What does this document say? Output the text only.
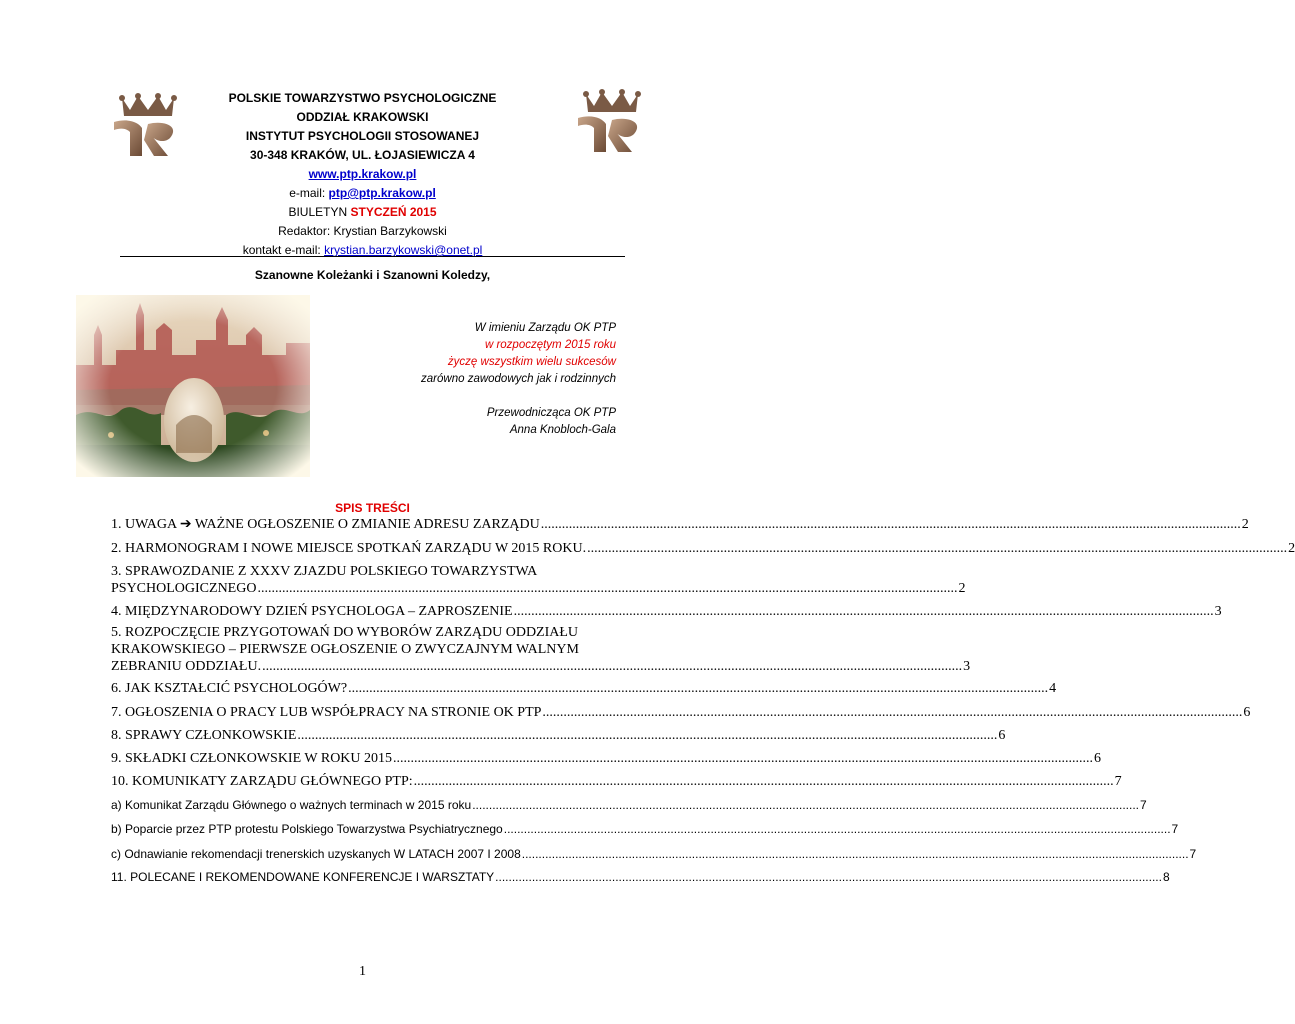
POLSKIE TOWARZYSTWO PSYCHOLOGICZNE
ODDZIAŁ KRAKOWSKI
INSTYTUT PSYCHOLOGII STOSOWANEJ
30-348 KRAKÓW, UL. ŁOJASIEWICZA 4
www.ptp.krakow.pl
e-mail: ptp@ptp.krakow.pl
BIULETYN STYCZEŃ 2015
Redaktor: Krystian Barzykowski
kontakt e-mail: krystian.barzykowski@onet.pl
Szanowne Koleżanki i Szanowni Koledzy,
W imieniu Zarządu OK PTP
w rozpoczętym 2015 roku
życzę wszystkim wielu sukcesów
zarówno zawodowych jak i rodzinnych
Przewodnicząca OK PTP
Anna Knobloch-Gala
SPIS TREŚCI
1. UWAGA ➔ WAŻNE OGŁOSZENIE O ZMIANIE ADRESU ZARZĄDU ........................................................................................................................................................................................................ 2
2. HARMONOGRAM I NOWE MIEJSCE SPOTKAŃ ZARZĄDU W 2015 ROKU. ........................................................................................................................................................................................................ 2
3. SPRAWOZDANIE Z XXXV ZJAZDU POLSKIEGO TOWARZYSTWA
PSYCHOLOGICZNEGO ........................................................................................................................................................................................................ 2
4. MIĘDZYNARODOWY DZIEŃ PSYCHOLOGA – ZAPROSZENIE ........................................................................................................................................................................................................ 3
5. ROZPOCZĘCIE PRZYGOTOWAŃ DO WYBORÓW ZARZĄDU ODDZIAŁU
KRAKOWSKIEGO – PIERWSZE OGŁOSZENIE O ZWYCZAJNYM WALNYM
ZEBRANIU ODDZIAŁU. ........................................................................................................................................................................................................ 3
6. JAK KSZTAŁCIĆ PSYCHOLOGÓW? ........................................................................................................................................................................................................ 4
7. OGŁOSZENIA O PRACY LUB WSPÓŁPRACY NA STRONIE OK PTP ........................................................................................................................................................................................................ 6
8. SPRAWY CZŁONKOWSKIE ........................................................................................................................................................................................................ 6
9. SKŁADKI CZŁONKOWSKIE W ROKU 2015 ........................................................................................................................................................................................................ 6
10. KOMUNIKATY ZARZĄDU GŁÓWNEGO PTP: ........................................................................................................................................................................................................ 7
a) Komunikat Zarządu Głównego o ważnych terminach w 2015 roku ........................................................................................................................................................................................................ 7
b) Poparcie przez PTP protestu Polskiego Towarzystwa Psychiatrycznego ........................................................................................................................................................................................................ 7
c) Odnawianie rekomendacji trenerskich uzyskanych W LATACH 2007 I 2008 ........................................................................................................................................................................................................ 7
11. POLECANE I REKOMENDOWANE KONFERENCJE I WARSZTATY ........................................................................................................................................................................................................ 8
1
